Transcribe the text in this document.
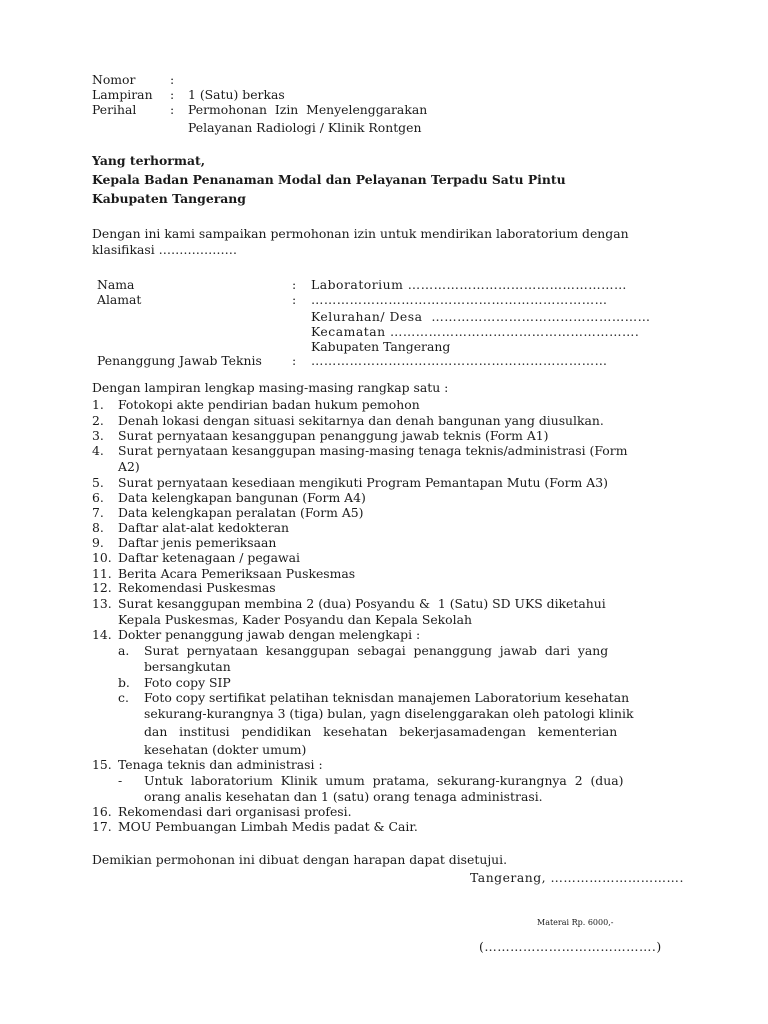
Nomor	:
Lampiran : 1 (Satu) berkas
Perihal	: Permohonan  Izin  Menyelenggarakan
Pelayanan Radiologi / Klinik Rontgen
Yang terhormat,
Kepala Badan Penanaman Modal dan Pelayanan Terpadu Satu Pintu
Kabupaten Tangerang
Dengan ini kami sampaikan permohonan izin untuk mendirikan laboratorium dengan
klasifikasi ……………….
Nama	: Laboratorium ……………………………………………
Alamat	: ……………………………………………………………
Kelurahan/ Desa  ……………………………………………
Kecamatan ………………………………………………….
Kabupaten Tangerang
Penanggung Jawab Teknis : ……………………………………………………………
Dengan lampiran lengkap masing-masing rangkap satu :
1. Fotokopi akte pendirian badan hukum pemohon
2. Denah lokasi dengan situasi sekitarnya dan denah bangunan yang diusulkan.
3. Surat pernyataan kesanggupan penanggung jawab teknis (Form A1)
4. Surat pernyataan kesanggupan masing-masing tenaga teknis/administrasi (Form
A2)
5. Surat pernyataan kesediaan mengikuti Program Pemantapan Mutu (Form A3)
6. Data kelengkapan bangunan (Form A4)
7. Data kelengkapan peralatan (Form A5)
8. Daftar alat-alat kedokteran
9. Daftar jenis pemeriksaan
10. Daftar ketenagaan / pegawai
11. Berita Acara Pemeriksaan Puskesmas
12. Rekomendasi Puskesmas
13. Surat kesanggupan membina 2 (dua) Posyandu &  1 (Satu) SD UKS diketahui
Kepala Puskesmas, Kader Posyandu dan Kepala Sekolah
14. Dokter penanggung jawab dengan melengkapi :
a. Surat  pernyataan  kesanggupan  sebagai  penanggung  jawab  dari  yang
bersangkutan
b. Foto copy SIP
c. Foto copy sertifikat pelatihan teknisdan manajemen Laboratorium kesehatan
sekurang-kurangnya 3 (tiga) bulan, yagn diselenggarakan oleh patologi klinik
dan   institusi   pendidikan   kesehatan   bekerjasamadengan   kementerian
kesehatan (dokter umum)
15. Tenaga teknis dan administrasi :
- Untuk  laboratorium  Klinik  umum  pratama,  sekurang-kurangnya  2  (dua)
orang analis kesehatan dan 1 (satu) orang tenaga administrasi.
16. Rekomendasi dari organisasi profesi.
17. MOU Pembuangan Limbah Medis padat & Cair.
Demikian permohonan ini dibuat dengan harapan dapat disetujui.
Tangerang, ………………………….
Materai Rp. 6000,-
(………………………………….)
